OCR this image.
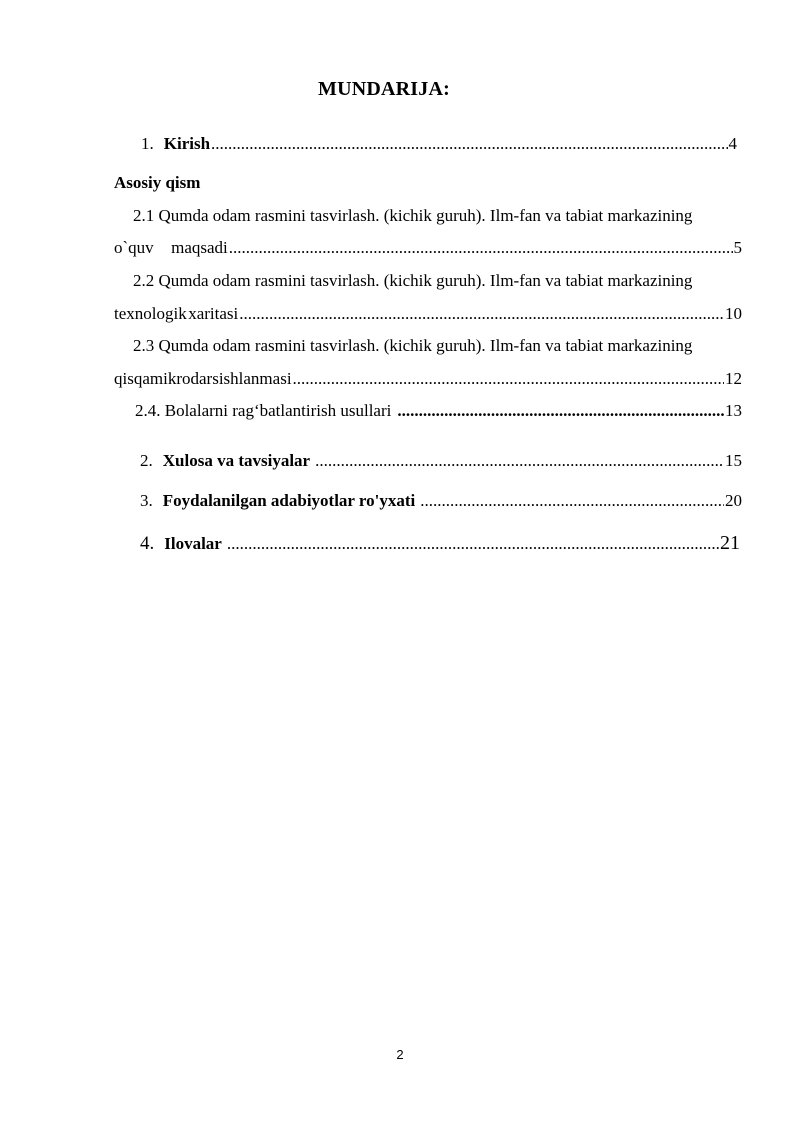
MUNDARIJA:
1. Kirish .....	4
Asosiy qism
2.1 Qumda odam rasmini tasvirlash. (kichik guruh). Ilm-fan va tabiat markazining
o`quv	maqsadi .....	5
2.2 Qumda odam rasmini tasvirlash. (kichik guruh). Ilm-fan va tabiat markazining
texnologik xaritasi .....	10
2.3 Qumda odam rasmini tasvirlash. (kichik guruh). Ilm-fan va tabiat markazining
qisqamikrodars ishlanmasi .....	12
2.4. Bolalarni rag‘batlantirish usullari .....	13
2. Xulosa va tavsiyalar .....	15
3. Foydalanilgan adabiyotlar ro'yxati .....	20
4. Ilovalar .....	21
2
